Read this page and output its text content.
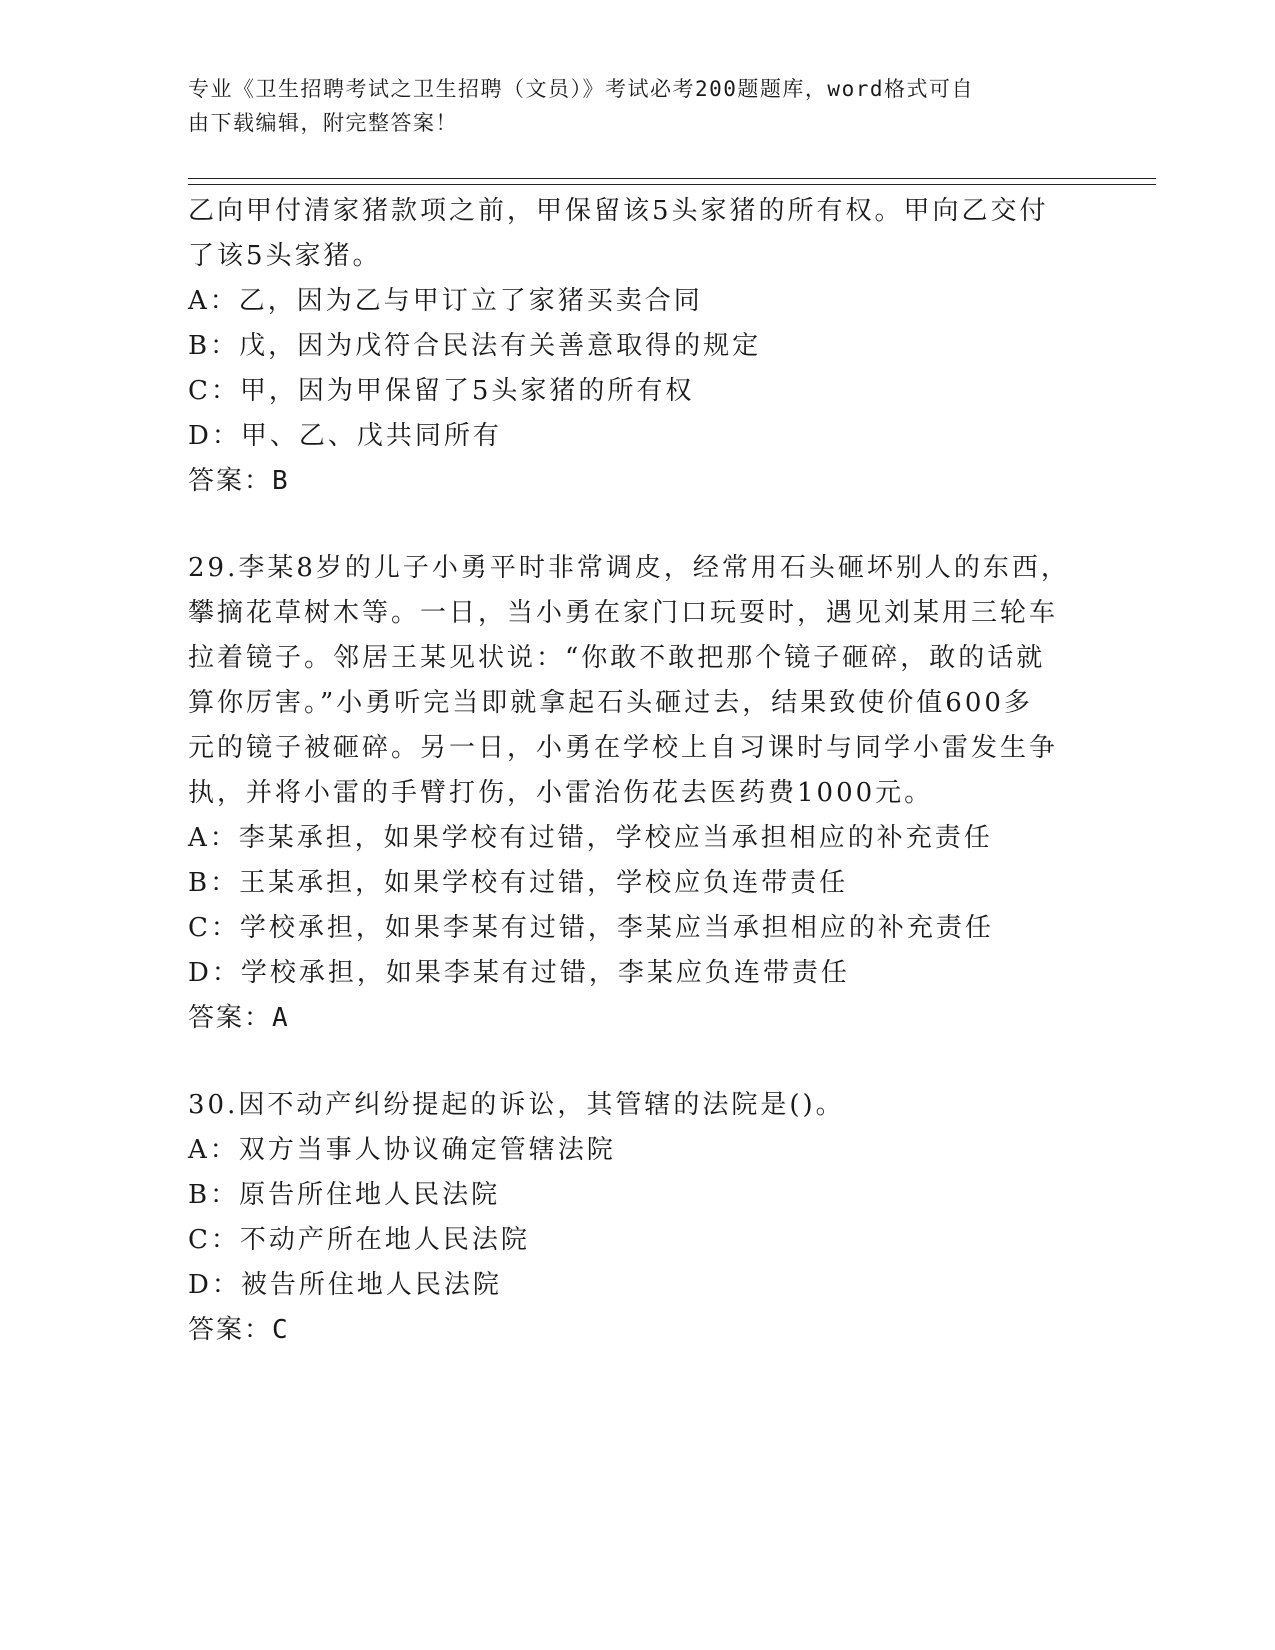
专业《卫生招聘考试之卫生招聘（文员）》考试必考200题题库，word格式可自
由下载编辑，附完整答案！

乙向甲付清家猪款项之前，甲保留该5头家猪的所有权。甲向乙交付

了该5头家猪。

A：乙，因为乙与甲订立了家猪买卖合同

B：戊，因为戊符合民法有关善意取得的规定

C：甲，因为甲保留了5头家猪的所有权

D：甲、乙、戊共同所有

答案：B

29.李某8岁的儿子小勇平时非常调皮，经常用石头砸坏别人的东西，

攀摘花草树木等。一日，当小勇在家门口玩耍时，遇见刘某用三轮车

拉着镜子。邻居王某见状说：“你敢不敢把那个镜子砸碎，敢的话就

算你厉害。”小勇听完当即就拿起石头砸过去，结果致使价值600多

元的镜子被砸碎。另一日，小勇在学校上自习课时与同学小雷发生争

执，并将小雷的手臂打伤，小雷治伤花去医药费1000元。

A：李某承担，如果学校有过错，学校应当承担相应的补充责任

B：王某承担，如果学校有过错，学校应负连带责任

C：学校承担，如果李某有过错，李某应当承担相应的补充责任

D：学校承担，如果李某有过错，李某应负连带责任

答案：A

30.因不动产纠纷提起的诉讼，其管辖的法院是()。

A：双方当事人协议确定管辖法院

B：原告所住地人民法院

C：不动产所在地人民法院

D：被告所住地人民法院

答案：C
